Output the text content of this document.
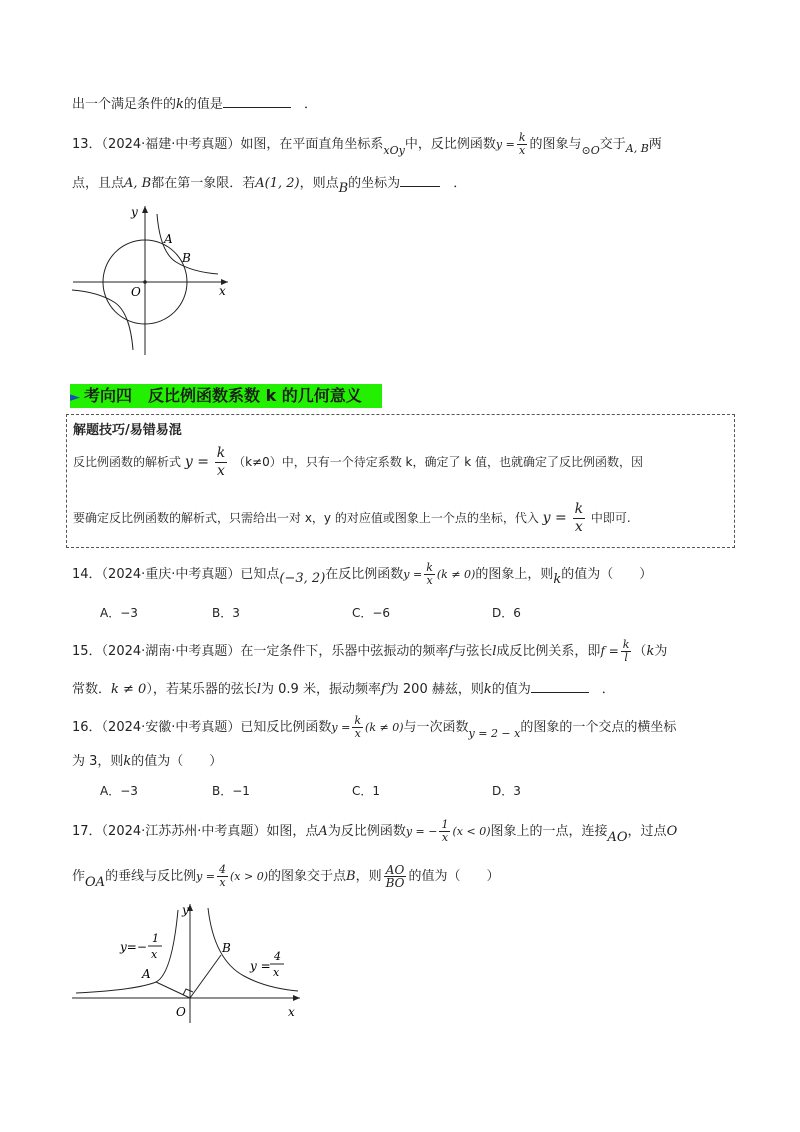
出一个满足条件的k的值是　	．
13．（2024·福建·中考真题）如图，在平面直角坐标系$_{xOy}$中，反比例函数$y = \frac{k}{x}$ 的图象与$_{⊙O}$交于$_{A, B}$两
点，且点A, B都在第一象限．若A(1, 2)，则点B的坐标为　	．
y
x
O
A
B
► 考向四　反比例函数系数 k 的几何意义
解题技巧/易错易混
反比例函数的解析式 $y = \frac{k}{x} (k\ne 0)$中，只有一个待定系数 k，确定了 k 值，也就确定了反比例函数，因
要确定反比例函数的解析式，只需给出一对 x，y 的对应值或图象上一个点的坐标，代入 $y = \frac{k}{x}$ 中即可.
14．（2024·重庆·中考真题）已知点(−3, 2)在反比例函数$y = \frac{k}{x} (k \ne 0)$的图象上，则k的值为（　　）
A．−3	B．3	C．−6	D．6
15．（2024·湖南·中考真题）在一定条件下，乐器中弦振动的频率f与弦长l成反比例关系，即$f = \frac{k}{l} (k$为
常数．k ≠ 0），若某乐器的弦长l为 0.9 米，振动频率f为 200 赫兹，则k的值为　	．
16．（2024·安徽·中考真题）已知反比例函数$y = \frac{k}{x} (k \ne 0)$与一次函数$_{y = 2 - x}$的图象的一个交点的横坐标
为 3，则k的值为（　　）
A．−3	B．−1	C．1	D．3
17．（2024·江苏苏州·中考真题）如图，点A为反比例函数y = − $\frac{1}{x} (x < 0)$图象上的一点，连接AO，过点O
作OA的垂线与反比例$y = \frac{4}{x} (x > 0)$的图象交于点B，则 $\frac{AO}{BO}$ 的值为（　　）
y
x
O
A
B
y=−
1
x
y =
4
x
